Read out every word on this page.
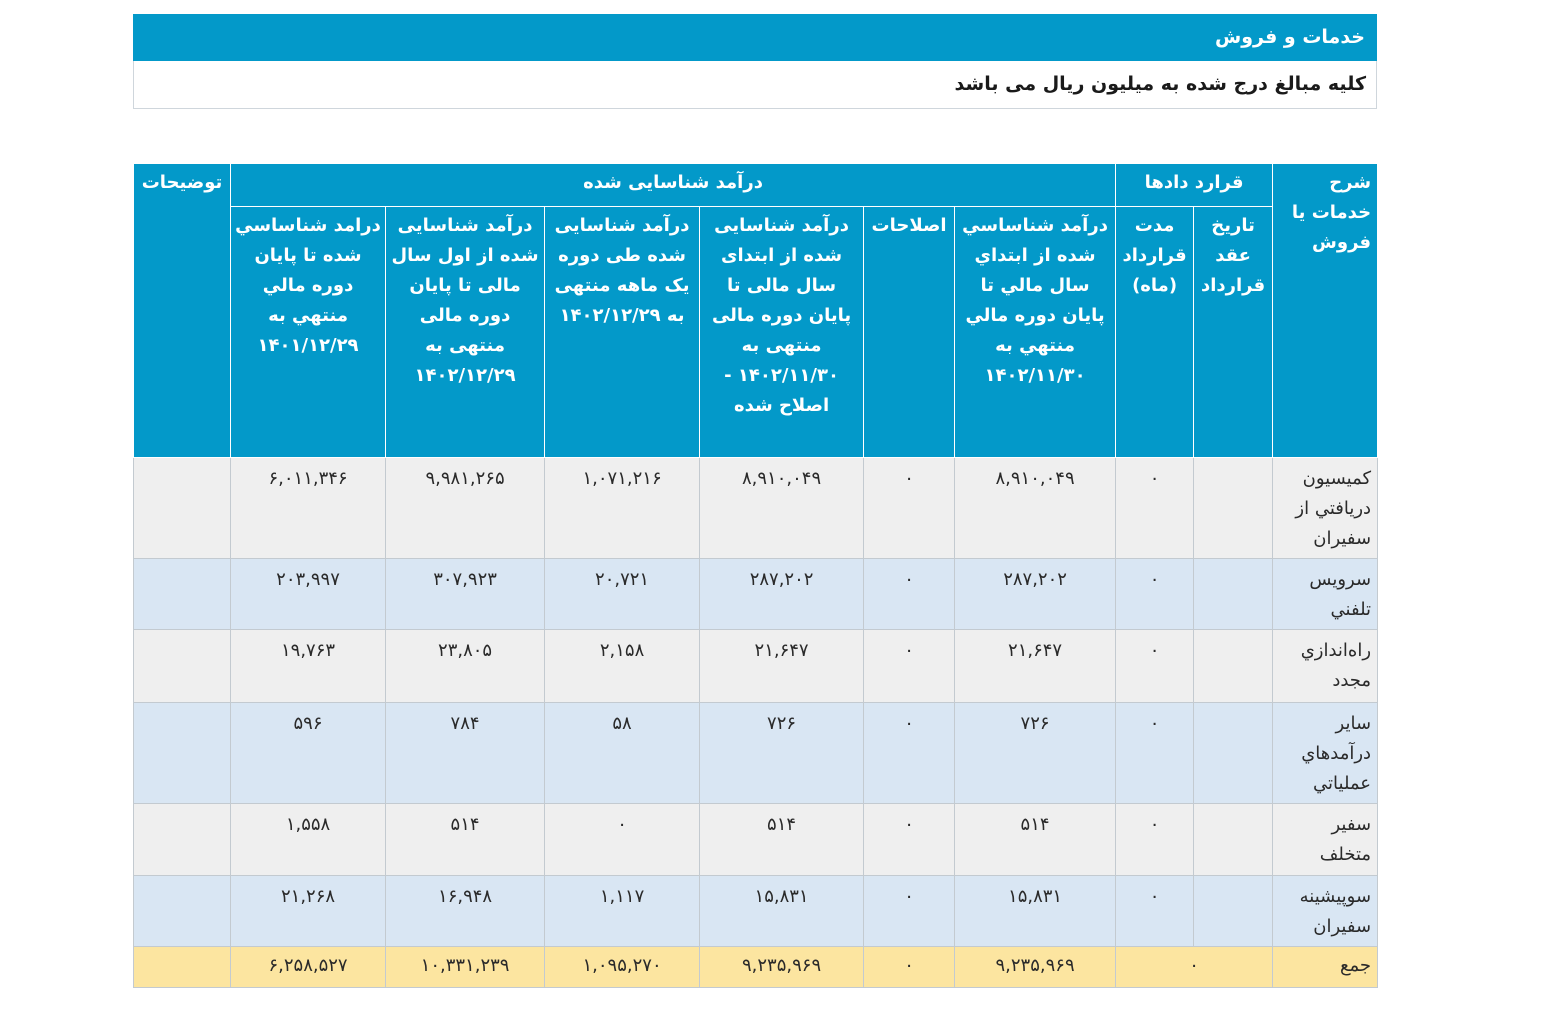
خدمات و فروش
کلیه مبالغ درج شده به میلیون ریال می باشد
شرح خدمات یا فروش	قرارد دادها		درآمد شناسایی شده						توضیحات
	تاریخ عقد قرارداد	مدت قرارداد (ماه)	درآمد شناساسي شده از ابتداي سال مالي تا پايان دوره مالي منتهي به ۱۴۰۲/۱۱/۳۰	اصلاحات	درآمد شناسایی شده از ابتدای سال مالی تا پایان دوره مالی منتهی به ۱۴۰۲/۱۱/۳۰ - اصلاح شده	درآمد شناسایی شده طی دوره یک ماهه منتهی به ۱۴۰۲/۱۲/۲۹	درآمد شناسایی شده از اول سال مالی تا پایان دوره مالی منتهی به ۱۴۰۲/۱۲/۲۹	درامد شناساسي شده تا پايان دوره مالي منتهي به ۱۴۰۱/۱۲/۲۹	
کميسيون دريافتي از سفيران		۰	۸,۹۱۰,۰۴۹	۰	۸,۹۱۰,۰۴۹	۱,۰۷۱,۲۱۶	۹,۹۸۱,۲۶۵	۶,۰۱۱,۳۴۶	
سرويس تلفني		۰	۲۸۷,۲۰۲	۰	۲۸۷,۲۰۲	۲۰,۷۲۱	۳۰۷,۹۲۳	۲۰۳,۹۹۷	
راه‌اندازي مجدد		۰	۲۱,۶۴۷	۰	۲۱,۶۴۷	۲,۱۵۸	۲۳,۸۰۵	۱۹,۷۶۳	
ساير درآمدهاي عملياتي		۰	۷۲۶	۰	۷۲۶	۵۸	۷۸۴	۵۹۶	
سفير متخلف		۰	۵۱۴	۰	۵۱۴	۰	۵۱۴	۱,۵۵۸	
سوپيشينه سفيران		۰	۱۵,۸۳۱	۰	۱۵,۸۳۱	۱,۱۱۷	۱۶,۹۴۸	۲۱,۲۶۸	
جمع	۰		۹,۲۳۵,۹۶۹	۰	۹,۲۳۵,۹۶۹	۱,۰۹۵,۲۷۰	۱۰,۳۳۱,۲۳۹	۶,۲۵۸,۵۲۷	
